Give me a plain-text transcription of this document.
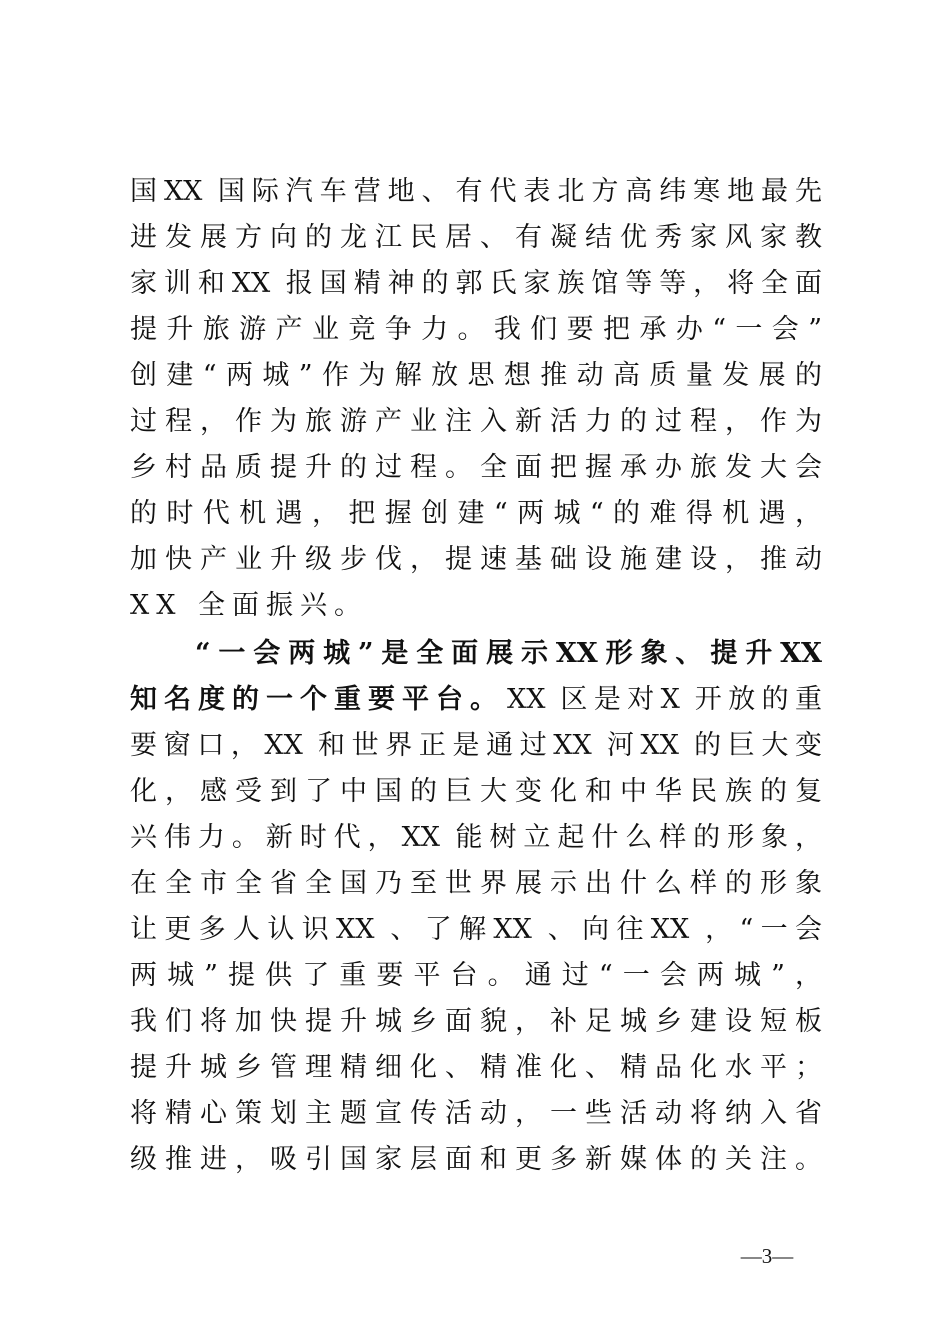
国XX 国际汽车营地、有代表北方高纬寒地最先
进发展方向的龙江民居、有凝结优秀家风家教
家训和XX 报国精神的郭氏家族馆等等，将全面
提升旅游产业竞争力。我们要把承办“一会”
创建“两城”作为解放思想推动高质量发展的
过程，作为旅游产业注入新活力的过程，作为
乡村品质提升的过程。全面把握承办旅发大会
的时代机遇，把握创建“两城“的难得机遇，
加快产业升级步伐，提速基础设施建设，推动
XX 全面振兴。
“一会两城”是全面展示XX形象、提升XX
知名度的一个重要平台。 XX 区是对X 开放的重
要窗口，XX 和世界正是通过XX 河XX 的巨大变
化，感受到了中国的巨大变化和中华民族的复
兴伟力。新时代，XX 能树立起什么样的形象，
在全市全省全国乃至世界展示出什么样的形象
让更多人认识XX 、了解XX 、向往XX ，“一会
两城”提供了重要平台。通过“一会两城”，
我们将加快提升城乡面貌，补足城乡建设短板
提升城乡管理精细化、精准化、精品化水平；
将精心策划主题宣传活动，一些活动将纳入省
级推进，吸引国家层面和更多新媒体的关注。
—3—
